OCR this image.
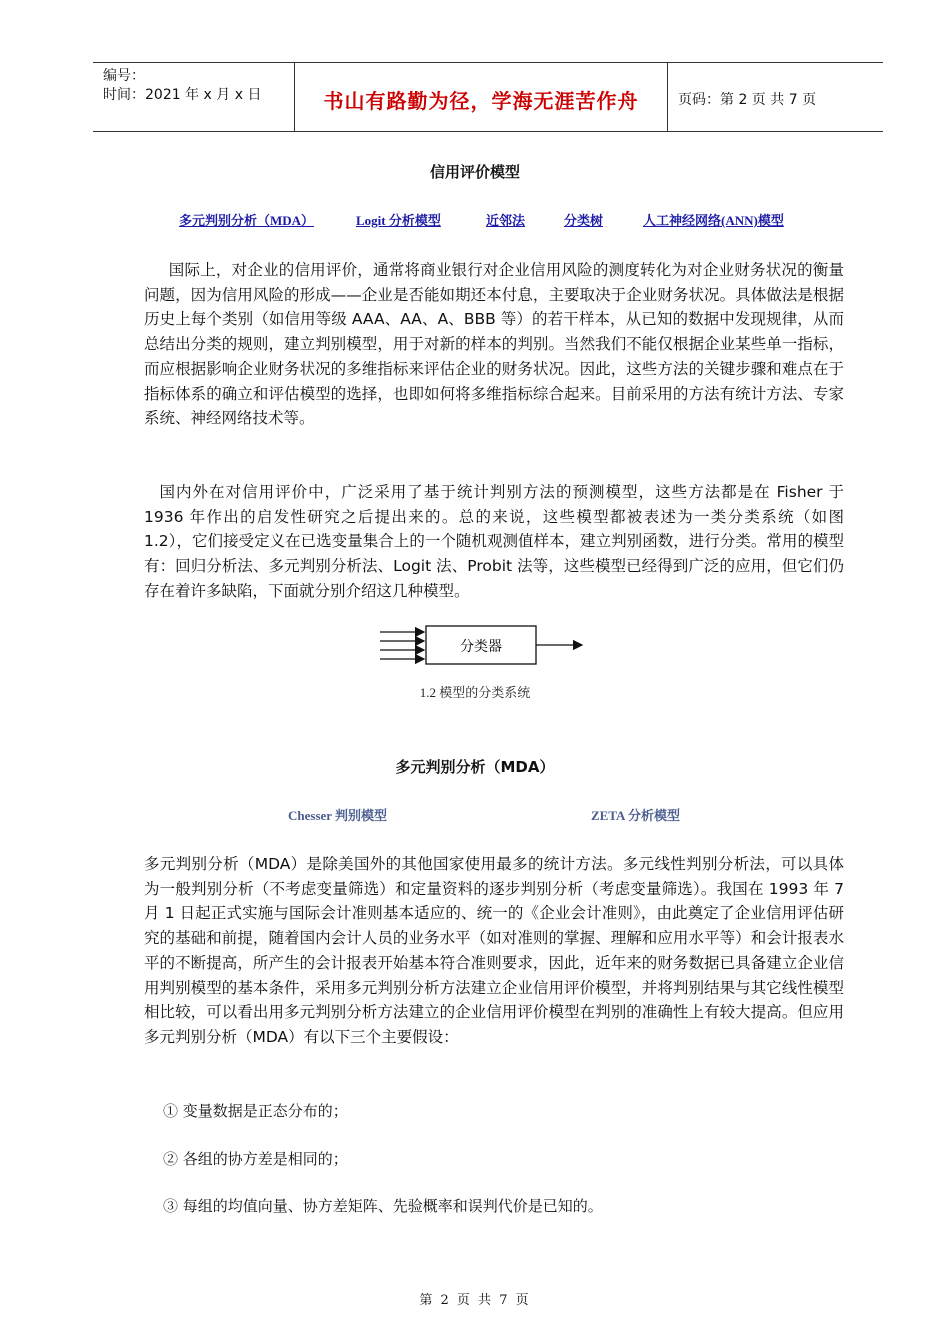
编号：
时间：2021 年 x 月 x 日	书山有路勤为径，学海无涯苦作舟	页码：第 2 页 共 7 页
信用评价模型
多元判别分析（MDA）	Logit 分析模型	近邻法	分类树	人工神经网络(ANN)模型
国际上，对企业的信用评价，通常将商业银行对企业信用风险的测度转化为对企业财务状况的衡量问题，因为信用风险的形成——企业是否能如期还本付息，主要取决于企业财务状况。具体做法是根据历史上每个类别（如信用等级 AAA、AA、A、BBB 等）的若干样本，从已知的数据中发现规律，从而总结出分类的规则，建立判别模型，用于对新的样本的判别。当然我们不能仅根据企业某些单一指标，而应根据影响企业财务状况的多维指标来评估企业的财务状况。因此，这些方法的关键步骤和难点在于指标体系的确立和评估模型的选择，也即如何将多维指标综合起来。目前采用的方法有统计方法、专家系统、神经网络技术等。
国内外在对信用评价中，广泛采用了基于统计判别方法的预测模型，这些方法都是在 Fisher 于 1936 年作出的启发性研究之后提出来的。总的来说，这些模型都被表述为一类分类系统（如图 1.2），它们接受定义在已选变量集合上的一个随机观测值样本，建立判别函数，进行分类。常用的模型有：回归分析法、多元判别分析法、Logit 法、Probit 法等，这些模型已经得到广泛的应用，但它们仍存在着许多缺陷，下面就分别介绍这几种模型。
分类器
1.2 模型的分类系统
多元判别分析（MDA）
Chesser 判别模型	ZETA 分析模型
多元判别分析（MDA）是除美国外的其他国家使用最多的统计方法。多元线性判别分析法，可以具体为一般判别分析（不考虑变量筛选）和定量资料的逐步判别分析（考虑变量筛选）。我国在 1993 年 7 月 1 日起正式实施与国际会计准则基本适应的、统一的《企业会计准则》，由此奠定了企业信用评估研究的基础和前提，随着国内会计人员的业务水平（如对准则的掌握、理解和应用水平等）和会计报表水平的不断提高，所产生的会计报表开始基本符合准则要求，因此，近年来的财务数据已具备建立企业信用判别模型的基本条件，采用多元判别分析方法建立企业信用评价模型，并将判别结果与其它线性模型相比较，可以看出用多元判别分析方法建立的企业信用评价模型在判别的准确性上有较大提高。但应用多元判别分析（MDA）有以下三个主要假设：
① 变量数据是正态分布的；
② 各组的协方差是相同的；
③ 每组的均值向量、协方差矩阵、先验概率和误判代价是已知的。
第 2 页 共 7 页
